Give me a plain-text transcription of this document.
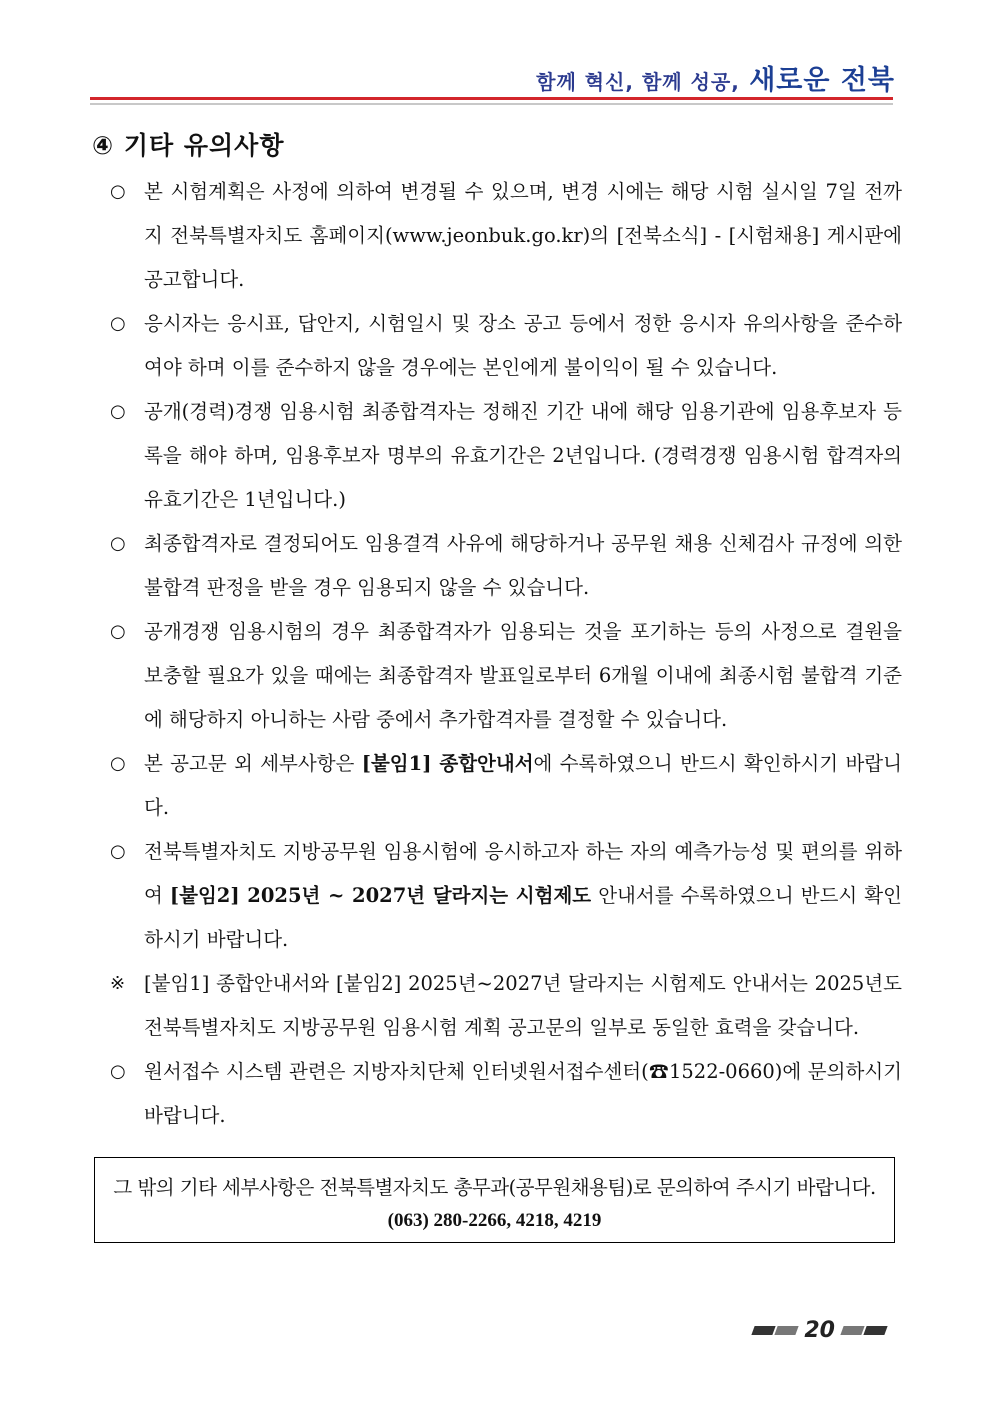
함께 혁신, 함께 성공, 새로운 전북
④ 기타 유의사항
○ 본 시험계획은 사정에 의하여 변경될 수 있으며, 변경 시에는 해당 시험 실시일 7일 전까지 전북특별자치도 홈페이지(www.jeonbuk.go.kr)의 [전북소식] - [시험채용] 게시판에 공고합니다.
○ 응시자는 응시표, 답안지, 시험일시 및 장소 공고 등에서 정한 응시자 유의사항을 준수하여야 하며 이를 준수하지 않을 경우에는 본인에게 불이익이 될 수 있습니다.
○ 공개(경력)경쟁 임용시험 최종합격자는 정해진 기간 내에 해당 임용기관에 임용후보자 등록을 해야 하며, 임용후보자 명부의 유효기간은 2년입니다. (경력경쟁 임용시험 합격자의 유효기간은 1년입니다.)
○ 최종합격자로 결정되어도 임용결격 사유에 해당하거나 공무원 채용 신체검사 규정에 의한 불합격 판정을 받을 경우 임용되지 않을 수 있습니다.
○ 공개경쟁 임용시험의 경우 최종합격자가 임용되는 것을 포기하는 등의 사정으로 결원을 보충할 필요가 있을 때에는 최종합격자 발표일로부터 6개월 이내에 최종시험 불합격 기준에 해당하지 아니하는 사람 중에서 추가합격자를 결정할 수 있습니다.
○ 본 공고문 외 세부사항은 [붙임1] 종합안내서에 수록하였으니 반드시 확인하시기 바랍니다.
○ 전북특별자치도 지방공무원 임용시험에 응시하고자 하는 자의 예측가능성 및 편의를 위하여 [붙임2] 2025년 ~ 2027년 달라지는 시험제도 안내서를 수록하였으니 반드시 확인하시기 바랍니다.
※ [붙임1] 종합안내서와 [붙임2] 2025년~2027년 달라지는 시험제도 안내서는 2025년도 전북특별자치도 지방공무원 임용시험 계획 공고문의 일부로 동일한 효력을 갖습니다.
○ 원서접수 시스템 관련은 지방자치단체 인터넷원서접수센터(☎1522-0660)에 문의하시기 바랍니다.
그 밖의 기타 세부사항은 전북특별자치도 총무과(공무원채용팀)로 문의하여 주시기 바랍니다.
(063) 280-2266, 4218, 4219
20
